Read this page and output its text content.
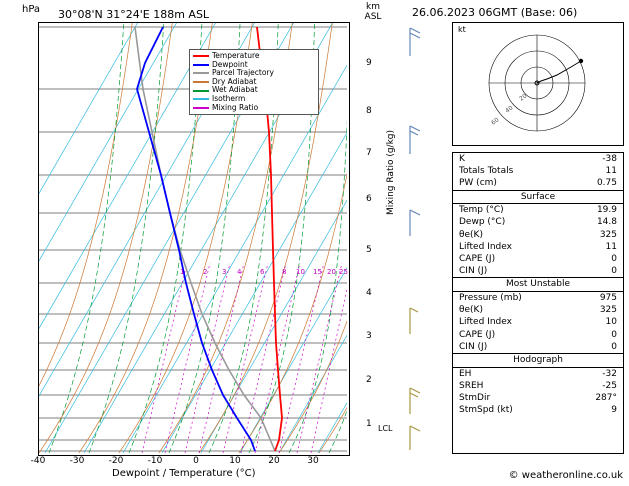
hPa 30°08'N 31°24'E 188m ASL
km
ASL	26.06.2023 06GMT (Base: 06)
-40	-30	-20	-10	0	10	20	30
Dewpoint / Temperature (°C)
1
2
3
4
5
6
7
8
9
LCL
Mixing Ratio (g/kg)
Temperature
Dewpoint
Parcel Trajectory
Dry Adiabat
Wet Adiabat
Isotherm
Mixing Ratio
1	2 3 4	6	8 10 15 20 25
20
40
60
kt
K	-38
Totals Totals	11
PW (cm)	0.75
Surface
Temp (°C)	19.9
Dewp (°C)	14.8
θe(K)	325
Lifted Index	11
CAPE (J)	0
CIN (J)	0
Most Unstable
Pressure (mb)	975
θe(K)	325
Lifted Index	10
CAPE (J)	0
CIN (J)	0
Hodograph
EH	-32
SREH	-25
StmDir	287°
StmSpd (kt)	9
© weatheronline.co.uk
